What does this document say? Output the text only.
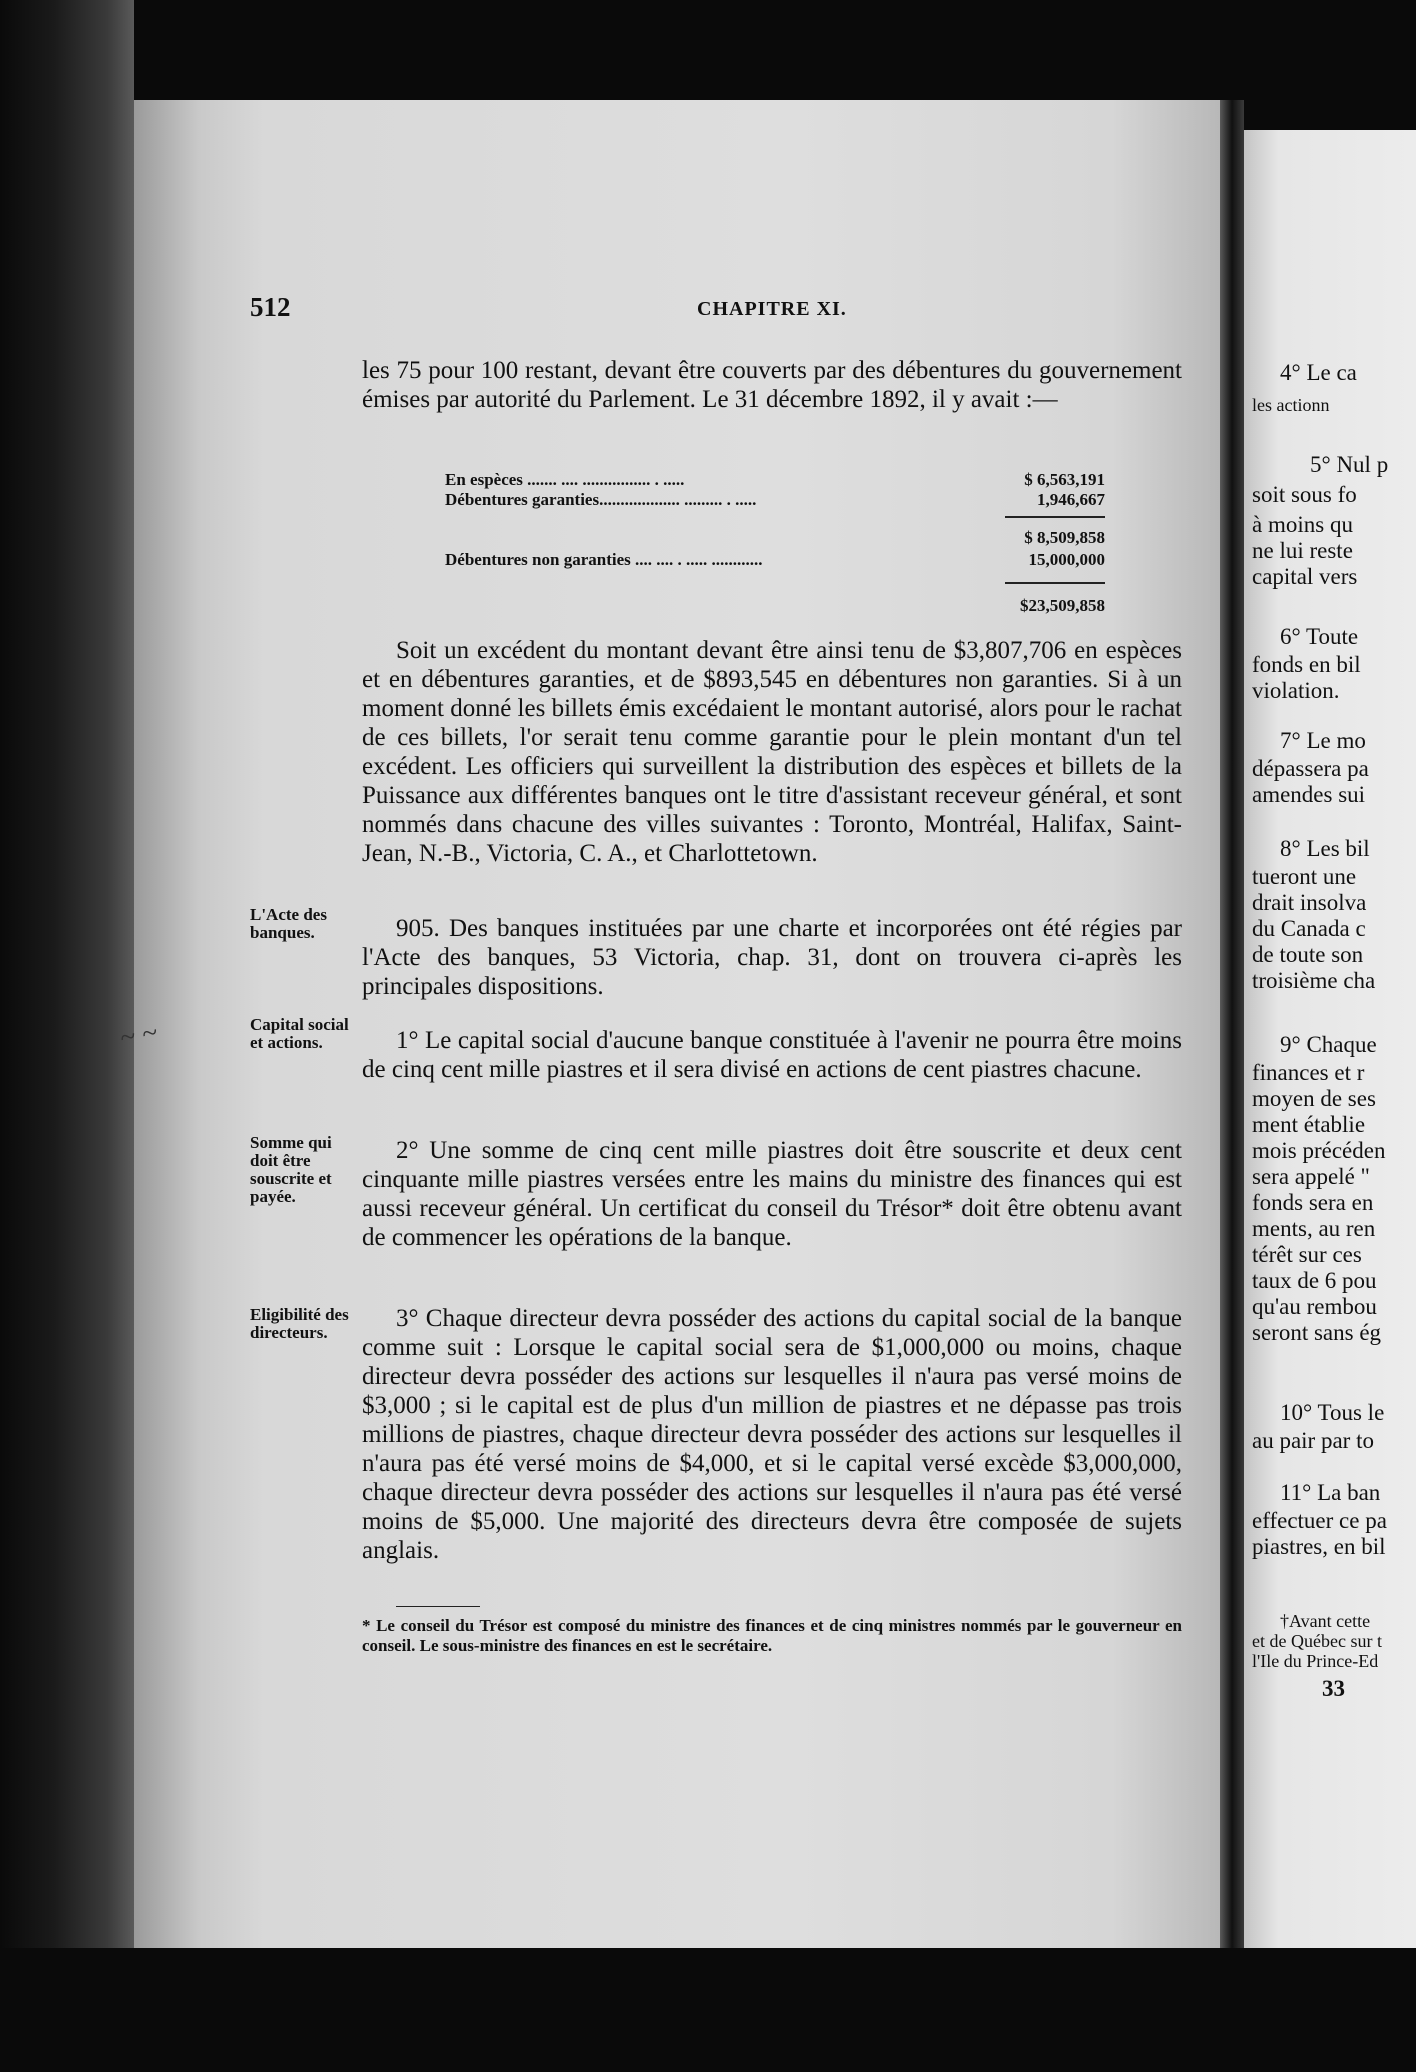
4° Le ca
les actionn
5° Nul p
soit sous fo
à moins qu
ne lui reste
capital vers
6° Toute
fonds en bil
violation.
7° Le mo
dépassera pa
amendes sui
8° Les bil
tueront une
drait insolva
du Canada c
de toute son
troisième cha
9° Chaque
finances et r
moyen de ses
ment établie
mois précéden
sera appelé "
fonds sera en
ments, au ren
térêt sur ces
taux de 6 pou
qu'au rembou
seront sans ég
10° Tous le
au pair par to
11° La ban
effectuer ce pa
piastres, en bil
†Avant cette
et de Québec sur t
l'Ile du Prince-Ed
33
512	CHAPITRE XI.
les 75 pour 100 restant, devant être couverts par des débentures du gouvernement émises par autorité du Parlement. Le 31 décembre 1892, il y avait :—
En espèces ....... .... ................ . .....	$ 6,563,191
Débentures garanties................... ......... . .....	1,946,667
$ 8,509,858
Débentures non garanties .... .... . ..... ............	15,000,000
$23,509,858
Soit un excédent du montant devant être ainsi tenu de $3,807,706 en espèces et en débentures garanties, et de $893,545 en débentures non garanties. Si à un moment donné les billets émis excédaient le montant autorisé, alors pour le rachat de ces billets, l'or serait tenu comme garantie pour le plein montant d'un tel excédent. Les officiers qui surveillent la distribution des espèces et billets de la Puissance aux différentes banques ont le titre d'assistant receveur général, et sont nommés dans chacune des villes suivantes : Toronto, Montréal, Halifax, Saint-Jean, N.-B., Victoria, C. A., et Charlottetown.
L'Acte des banques.	905. Des banques instituées par une charte et incorporées ont été régies par l'Acte des banques, 53 Victoria, chap. 31, dont on trouvera ci-après les principales dispositions.
Capital social et actions.	1° Le capital social d'aucune banque constituée à l'avenir ne pourra être moins de cinq cent mille piastres et il sera divisé en actions de cent piastres chacune.
Somme qui doit être souscrite et payée.
2° Une somme de cinq cent mille piastres doit être souscrite et deux cent cinquante mille piastres versées entre les mains du ministre des finances qui est aussi receveur général. Un certificat du conseil du Trésor* doit être obtenu avant de commencer les opérations de la banque.
Eligibilité des directeurs.
3° Chaque directeur devra posséder des actions du capital social de la banque comme suit : Lorsque le capital social sera de $1,000,000 ou moins, chaque directeur devra posséder des actions sur lesquelles il n'aura pas versé moins de $3,000 ; si le capital est de plus d'un million de piastres et ne dépasse pas trois millions de piastres, chaque directeur devra posséder des actions sur lesquelles il n'aura pas été versé moins de $4,000, et si le capital versé excède $3,000,000, chaque directeur devra posséder des actions sur lesquelles il n'aura pas été versé moins de $5,000. Une majorité des directeurs devra être composée de sujets anglais.
* Le conseil du Trésor est composé du ministre des finances et de cinq ministres nommés par le gouverneur en conseil. Le sous-ministre des finances en est le secrétaire.
~ ~
